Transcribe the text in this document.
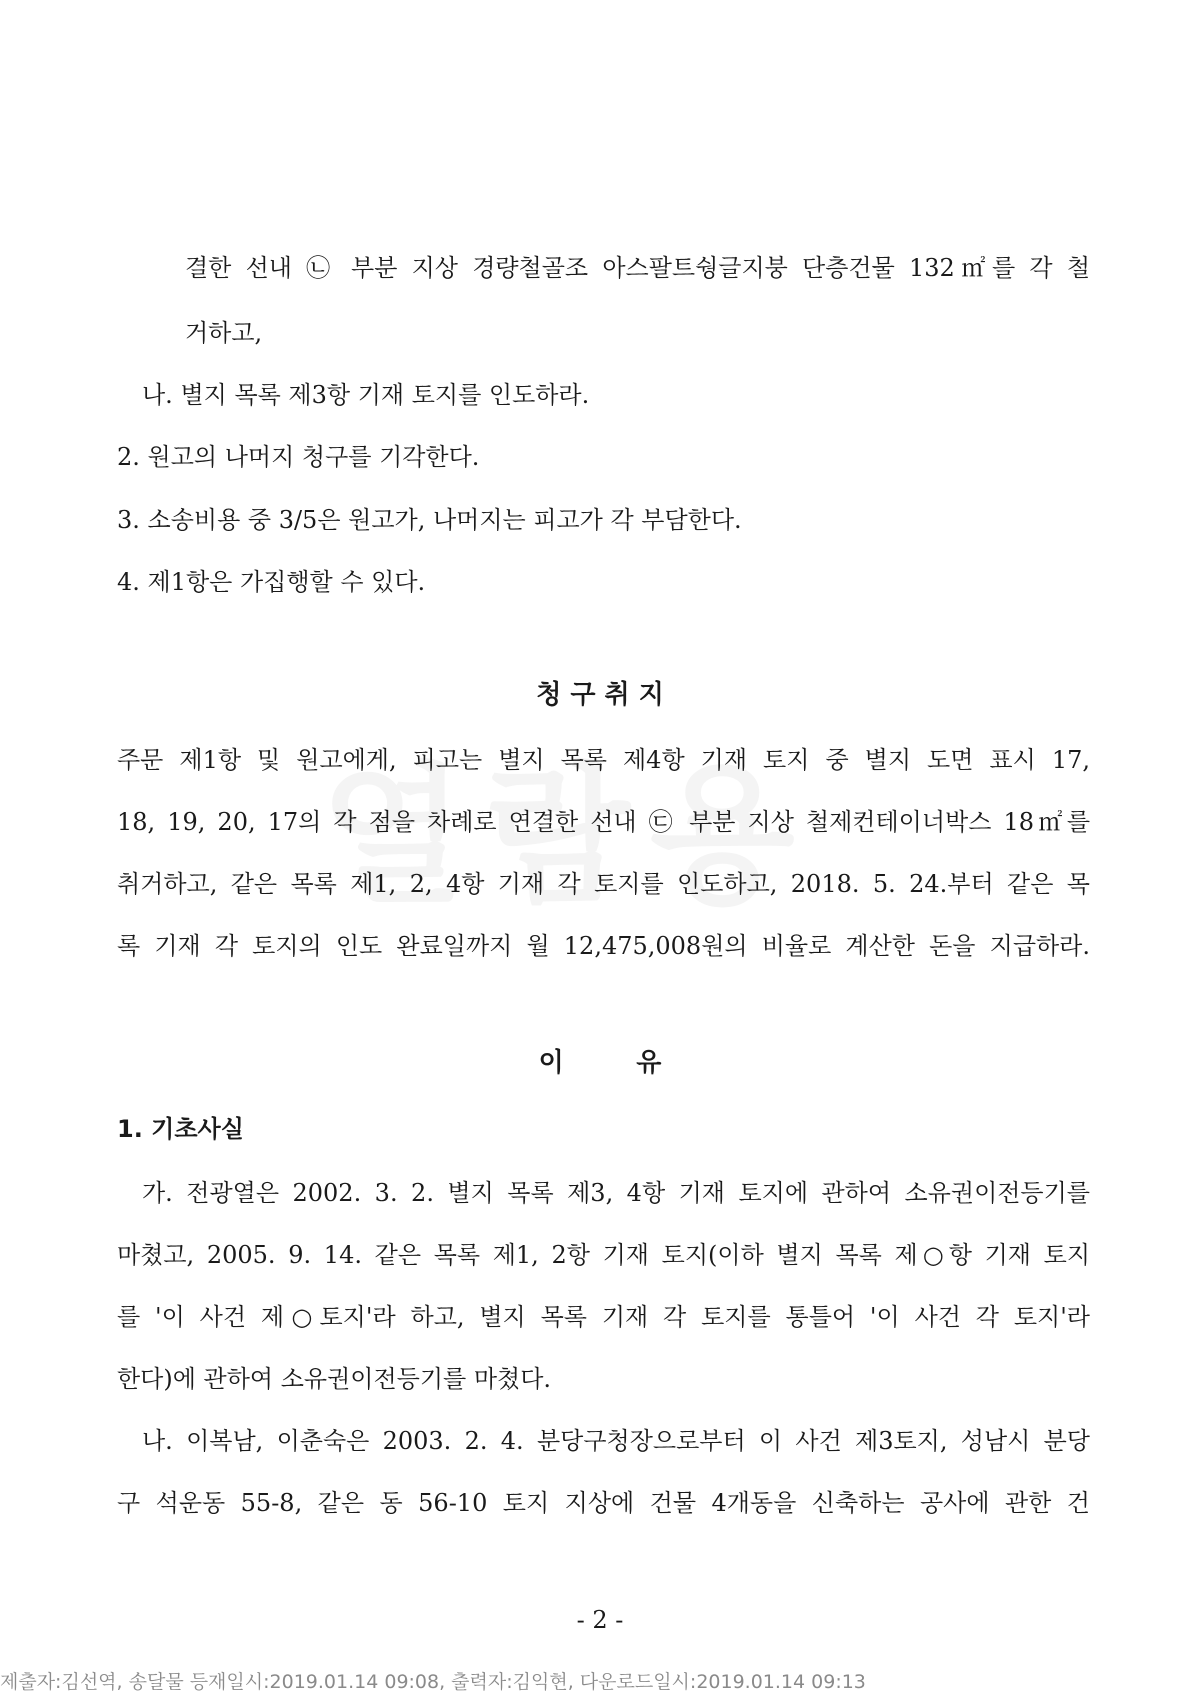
결한 선내 ㉡ 부분 지상 경량철골조 아스팔트쉉글지붕 단층건물 132㎡를 각 철
거하고,
나. 별지 목록 제3항 기재 토지를 인도하라.
2. 원고의 나머지 청구를 기각한다.
3. 소송비용 중 3/5은 원고가, 나머지는 피고가 각 부담한다.
4. 제1항은 가집행할 수 있다.
청 구 취 지
주문 제1항 및 원고에게, 피고는 별지 목록 제4항 기재 토지 중 별지 도면 표시 17,
18, 19, 20, 17의 각 점을 차례로 연결한 선내 ㉢ 부분 지상 철제컨테이너박스 18㎡를
취거하고, 같은 목록 제1, 2, 4항 기재 각 토지를 인도하고, 2018. 5. 24.부터 같은 목
록 기재 각 토지의 인도 완료일까지 월 12,475,008원의 비율로 계산한 돈을 지급하라.
이        유
1. 기초사실
가. 전광열은 2002. 3. 2. 별지 목록 제3, 4항 기재 토지에 관하여 소유권이전등기를
마쳤고, 2005. 9. 14. 같은 목록 제1, 2항 기재 토지(이하 별지 목록 제○항 기재 토지
를 '이 사건 제○토지'라 하고, 별지 목록 기재 각 토지를 통틀어 '이 사건 각 토지'라
한다)에 관하여 소유권이전등기를 마쳤다.
나. 이복남, 이춘숙은 2003. 2. 4. 분당구청장으로부터 이 사건 제3토지, 성남시 분당
구 석운동 55-8, 같은 동 56-10 토지 지상에 건물 4개동을 신축하는 공사에 관한 건
- 2 -
제출자:김선역, 송달물 등재일시:2019.01.14 09:08, 출력자:김익현, 다운로드일시:2019.01.14 09:13
